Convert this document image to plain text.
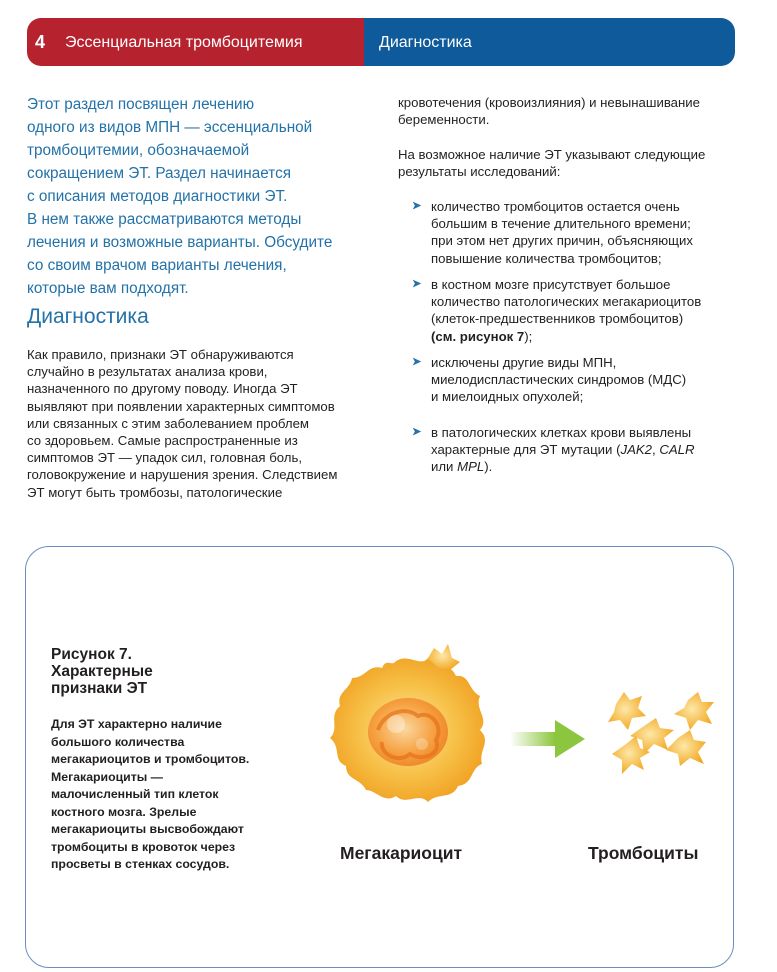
4 Эссенциальная тромбоцитемия	Диагностика

Этот раздел посвящен лечению
одного из видов МПН — эссенциальной
тромбоцитемии, обозначаемой
сокращением ЭТ. Раздел начинается
с описания методов диагностики ЭТ.
В нем также рассматриваются методы
лечения и возможные варианты. Обсудите
со своим врачом варианты лечения,
которые вам подходят.

Диагностика

Как правило, признаки ЭТ обнаруживаются
случайно в результатах анализа крови,
назначенного по другому поводу. Иногда ЭТ
выявляют при появлении характерных симптомов
или связанных с этим заболеванием проблем
со здоровьем. Самые распространенные из
симптомов ЭТ — упадок сил, головная боль,
головокружение и нарушения зрения. Следствием
ЭТ могут быть тромбозы, патологические

кровотечения (кровоизлияния) и невынашивание
беременности.
На возможное наличие ЭТ указывают следующие
результаты исследований:
➤ количество тромбоцитов остается очень
большим в течение длительного времени;
при этом нет других причин, объясняющих
повышение количества тромбоцитов;
➤ в костном мозге присутствует большое
количество патологических мегакариоцитов
(клеток-предшественников тромбоцитов)
(см. рисунок 7);
➤ исключены другие виды МПН,
миелодиспластических синдромов (МДС)
и миелоидных опухолей;
➤ в патологических клетках крови выявлены
характерные для ЭТ мутации (JAK2, CALR
или MPL).

Рисунок 7.
Характерные
признаки ЭТ

Для ЭТ характерно наличие
большого количества
мегакариоцитов и тромбоцитов.
Мегакариоциты —
малочисленный тип клеток
костного мозга. Зрелые
мегакариоциты высвобождают
тромбоциты в кровоток через
просветы в стенках сосудов.

Мегакариоцит	Тромбоциты
